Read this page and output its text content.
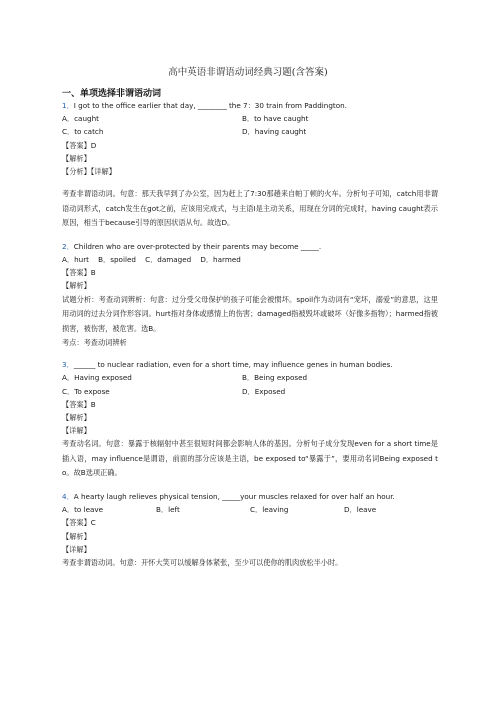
高中英语非谓语动词经典习题(含答案)
一、单项选择非谓语动词
1．I got to the office earlier that day, ________ the 7：30 train from Paddington.
A．caught	B．to have caught
C．to catch	D．having caught
【答案】D
【解析】
【分析】【详解】
考查非谓语动词。句意：那天我早到了办公室，因为赶上了7:30那趟来自帕丁顿的火车。分析句子可知，catch用非谓语动词形式，catch发生在got之前，应该用完成式，与主语I是主动关系，用现在分词的完成时，having caught表示原因，相当于because引导的原因状语从句。故选D。
2．Children who are over-protected by their parents may become _____.
A．hurt    B．spoiled    C．damaged    D．harmed
【答案】B
【解析】
试题分析：考查动词辨析：句意：过分受父母保护的孩子可能会被惯坏。spoil作为动词有“宠坏，溺爱”的意思，这里用动词的过去分词作形容词。hurt指对身体或感情上的伤害；damaged指被毁坏或破坏（好像多指物）；harmed指被损害，被伤害，被危害。选B。
考点：考查动词辨析
3．______ to nuclear radiation, even for a short time, may influence genes in human bodies.
A．Having exposed	B．Being exposed
C．To expose	D．Exposed
【答案】B
【解析】
【详解】
考查动名词。句意：暴露于核辐射中甚至很短时间都会影响人体的基因。分析句子成分发现even for a short time是插入语，may influence是谓语，前面的部分应该是主语，be exposed to“暴露于”，要用动名词Being exposed to。故B选项正确。
4．A hearty laugh relieves physical tension, _____your muscles relaxed for over half an hour.
A．to leave	B．left	C．leaving	D．leave
【答案】C
【解析】
【详解】
考查非谓语动词。句意：开怀大笑可以缓解身体紧张，至少可以使你的肌肉放松半小时。
